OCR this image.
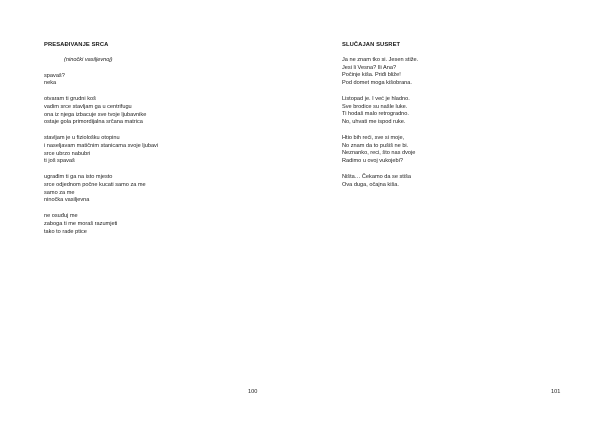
PRESAĐIVANJE SRCA
(ninočki vasiljevnoj)
spavaš?
neka
otvaram ti grudni koš
vadim srce stavljam ga u centrifugu
ona iz njega izbacuje sve tvoje ljubavnike
ostaje gola primordijalna srčana matrica
stavljam je u fiziološku otopinu
i naseljavam matičnim stanicama svoje ljubavi
srce ubrzo nabubri
ti još spavaš
ugrađim ti ga na isto mjesto
srce odjednom počne kucati samo za me
samo za me
ninočka vasiljevna
ne osuđuj me
zaboga ti me moraš razumjeti
tako to rade ptice
100
SLUČAJAN SUSRET
Ja ne znam tko si. Jesen stiže.
Jesi li Vesna? Ili Ana?
Počinje kiša. Priđi bliže!
Pod domet moga kišobrana.
Listopad je. I već je hladno.
Sve brodice su našle luke.
Ti hodaš malo retrogradno.
No, uhvati me ispod ruke.
Htio bih reći, sve si moje,
No znam da to pušiš ne bi.
Neznanko, reci, što nas dvoje
Radimo u ovoj vukojebi?
Ništa… Čekamo da se stiša
Ova duga, očajna kiša.
101
